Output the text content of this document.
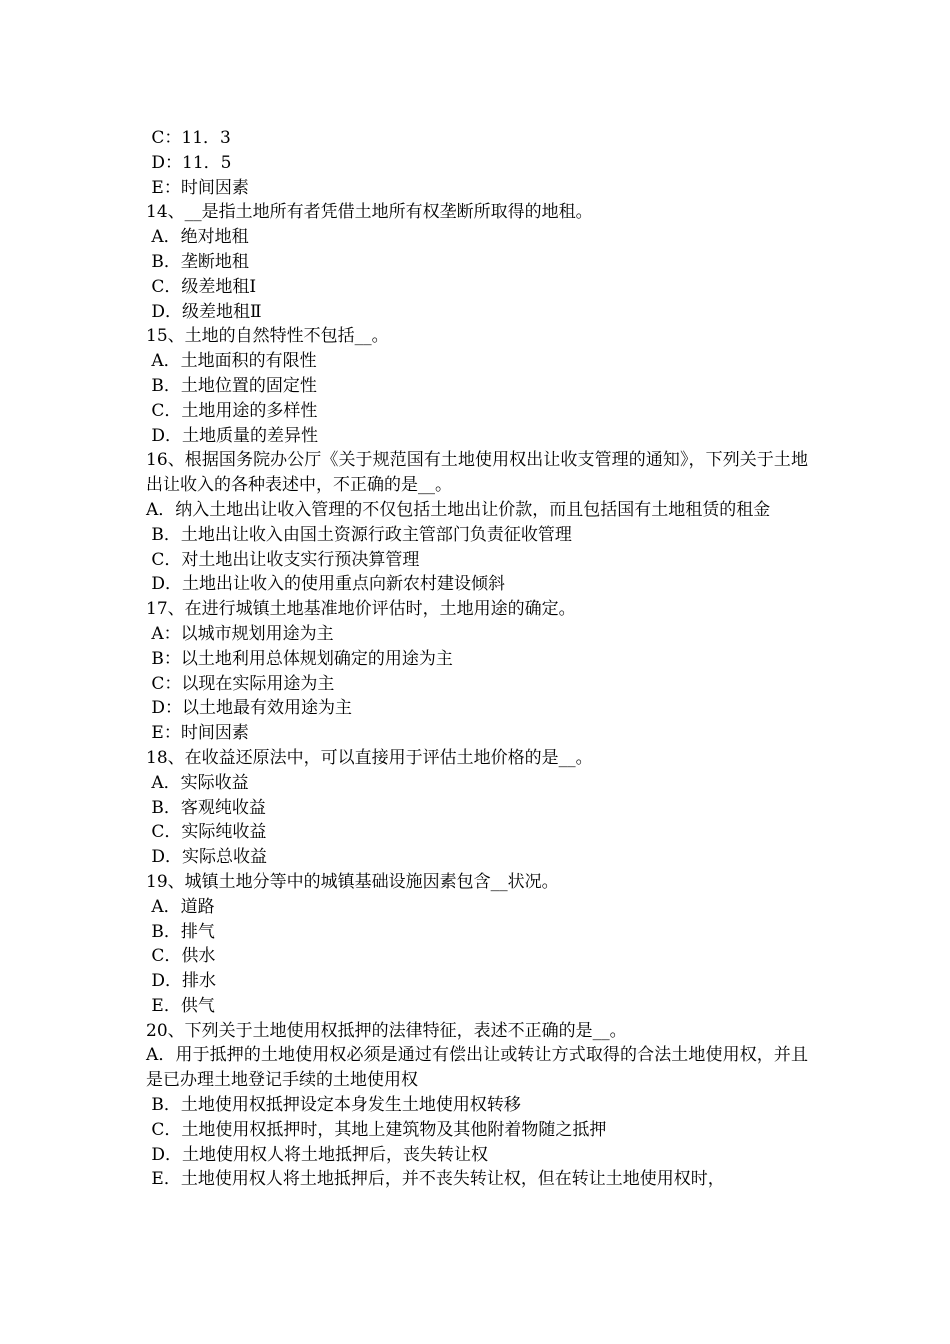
C：11．3
D：11．5
E：时间因素
14、__是指土地所有者凭借土地所有权垄断所取得的地租。
A．绝对地租
B．垄断地租
C．级差地租Ⅰ
D．级差地租Ⅱ
15、土地的自然特性不包括__。
A．土地面积的有限性
B．土地位置的固定性
C．土地用途的多样性
D．土地质量的差异性
16、根据国务院办公厅《关于规范国有土地使用权出让收支管理的通知》，下列关于土地出让收入的各种表述中，不正确的是__。
A．纳入土地出让收入管理的不仅包括土地出让价款，而且包括国有土地租赁的租金
B．土地出让收入由国土资源行政主管部门负责征收管理
C．对土地出让收支实行预决算管理
D．土地出让收入的使用重点向新农村建设倾斜
17、在进行城镇土地基准地价评估时，土地用途的确定。
A：以城市规划用途为主
B：以土地利用总体规划确定的用途为主
C：以现在实际用途为主
D：以土地最有效用途为主
E：时间因素
18、在收益还原法中，可以直接用于评估土地价格的是__。
A．实际收益
B．客观纯收益
C．实际纯收益
D．实际总收益
19、城镇土地分等中的城镇基础设施因素包含__状况。
A．道路
B．排气
C．供水
D．排水
E．供气
20、下列关于土地使用权抵押的法律特征，表述不正确的是__。
A．用于抵押的土地使用权必须是通过有偿出让或转让方式取得的合法土地使用权，并且是已办理土地登记手续的土地使用权
B．土地使用权抵押设定本身发生土地使用权转移
C．土地使用权抵押时，其地上建筑物及其他附着物随之抵押
D．土地使用权人将土地抵押后，丧失转让权
E．土地使用权人将土地抵押后，并不丧失转让权，但在转让土地使用权时，
